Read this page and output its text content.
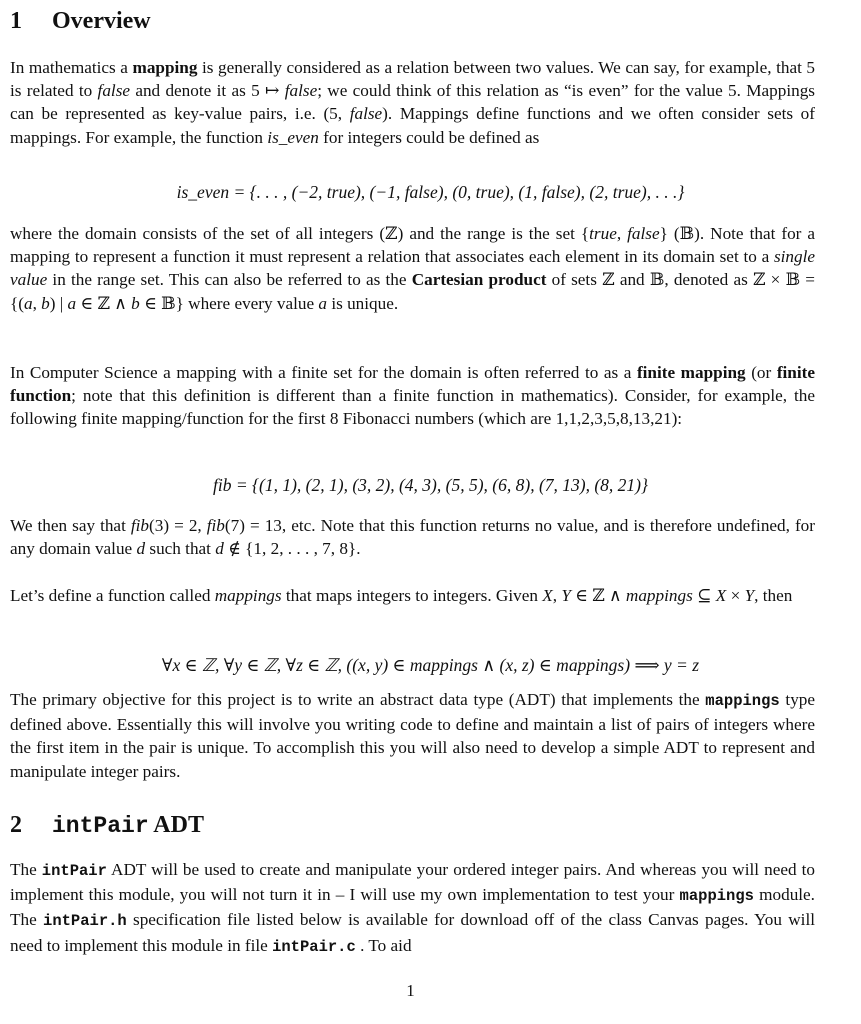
1 Overview

In mathematics a mapping is generally considered as a relation between two values. We can say, for example, that 5 is related to false and denote it as 5 ↦ false; we could think of this relation as “is even” for the value 5. Mappings can be represented as key-value pairs, i.e. (5, false). Mappings define functions and we often consider sets of mappings. For example, the function is_even for integers could be defined as

is_even = {. . . , (−2, true), (−1, false), (0, true), (1, false), (2, true), . . .}

where the domain consists of the set of all integers (ℤ) and the range is the set {true, false} (𝔹). Note that for a mapping to represent a function it must represent a relation that associates each element in its domain set to a single value in the range set. This can also be referred to as the Cartesian product of sets ℤ and 𝔹, denoted as ℤ × 𝔹 = {(a, b) | a ∈ ℤ ∧ b ∈ 𝔹} where every value a is unique.

In Computer Science a mapping with a finite set for the domain is often referred to as a finite mapping (or finite function; note that this definition is different than a finite function in mathematics). Consider, for example, the following finite mapping/function for the first 8 Fibonacci numbers (which are 1,1,2,3,5,8,13,21):

fib = {(1, 1), (2, 1), (3, 2), (4, 3), (5, 5), (6, 8), (7, 13), (8, 21)}

We then say that fib(3) = 2, fib(7) = 13, etc. Note that this function returns no value, and is therefore undefined, for any domain value d such that d ∉ {1, 2, . . . , 7, 8}.

Let’s define a function called mappings that maps integers to integers. Given X, Y ∈ ℤ ∧ mappings ⊆ X × Y, then

∀x ∈ ℤ, ∀y ∈ ℤ, ∀z ∈ ℤ, ((x, y) ∈ mappings ∧ (x, z) ∈ mappings) ⟹ y = z

The primary objective for this project is to write an abstract data type (ADT) that implements the mappings type defined above. Essentially this will involve you writing code to define and maintain a list of pairs of integers where the first item in the pair is unique. To accomplish this you will also need to develop a simple ADT to represent and manipulate integer pairs.

2 intPair ADT

The intPair ADT will be used to create and manipulate your ordered integer pairs. And whereas you will need to implement this module, you will not turn it in – I will use my own implementation to test your mappings module. The intPair.h specification file listed below is available for download off of the class Canvas pages. You will need to implement this module in file intPair.c . To aid

1
